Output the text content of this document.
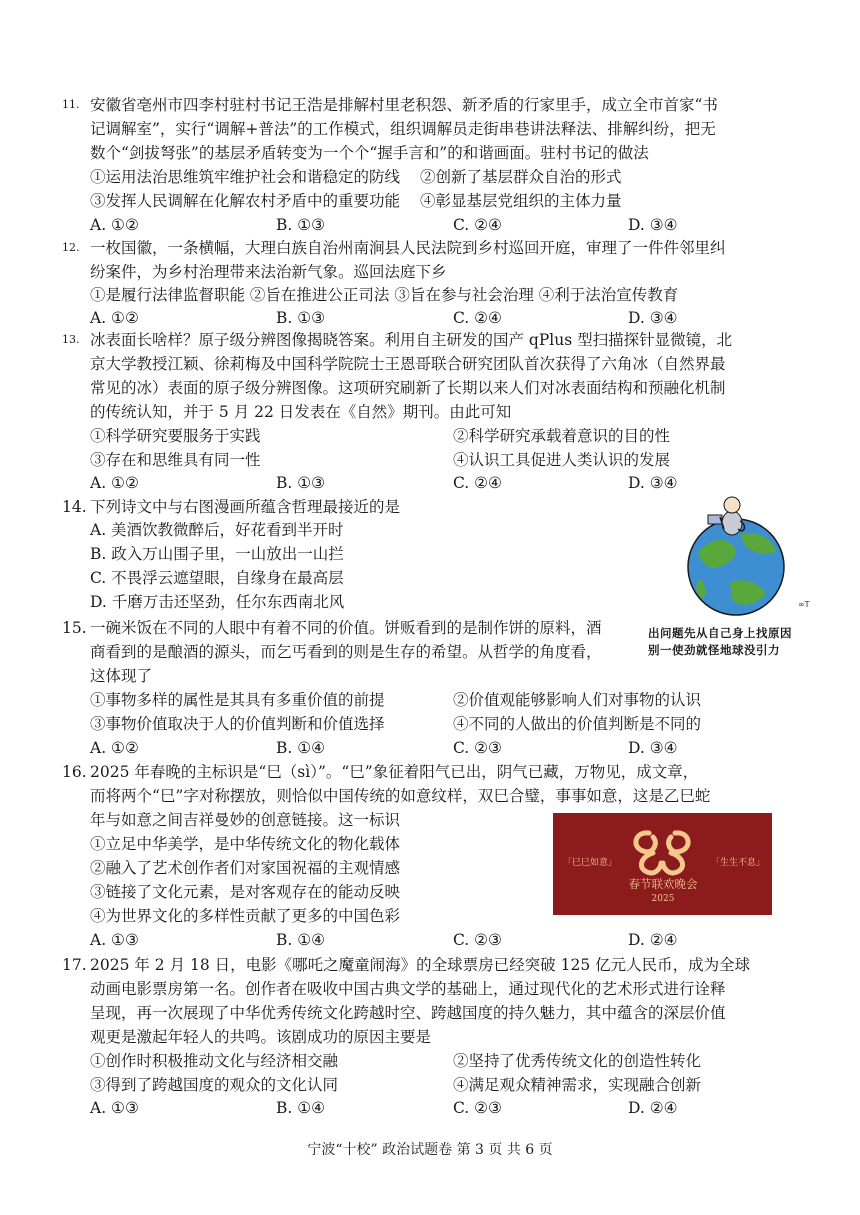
11. 安徽省亳州市四李村驻村书记王浩是排解村里老积怨、新矛盾的行家里手，成立全市首家“书
记调解室”，实行“调解+普法”的工作模式，组织调解员走街串巷讲法释法、排解纠纷，把无
数个“剑拔弩张”的基层矛盾转变为一个个“握手言和”的和谐画面。驻村书记的做法
①运用法治思维筑牢维护社会和谐稳定的防线 ②创新了基层群众自治的形式
③发挥人民调解在化解农村矛盾中的重要功能 ④彰显基层党组织的主体力量
A. ①②	B. ①③	C. ②④	D. ③④
12. 一枚国徽，一条横幅，大理白族自治州南涧县人民法院到乡村巡回开庭，审理了一件件邻里纠
纷案件，为乡村治理带来法治新气象。巡回法庭下乡
①是履行法律监督职能 ②旨在推进公正司法 ③旨在参与社会治理 ④利于法治宣传教育
A. ①②	B. ①③	C. ②④	D. ③④
13. 冰表面长啥样？原子级分辨图像揭晓答案。利用自主研发的国产 qPlus 型扫描探针显微镜，北
京大学教授江颖、徐莉梅及中国科学院院士王恩哥联合研究团队首次获得了六角冰（自然界最
常见的冰）表面的原子级分辨图像。这项研究刷新了长期以来人们对冰表面结构和预融化机制
的传统认知，并于 5 月 22 日发表在《自然》期刊。由此可知
①科学研究要服务于实践	②科学研究承载着意识的目的性
③存在和思维具有同一性	④认识工具促进人类认识的发展
A. ①②	B. ①③	C. ②④	D. ③④
14. 下列诗文中与右图漫画所蕴含哲理最接近的是
A. 美酒饮教微醉后，好花看到半开时
B. 政入万山围子里，一山放出一山拦
C. 不畏浮云遮望眼，自缘身在最高层
D. 千磨万击还坚劲，任尔东西南北风	∞T
出问题先从自己身上找原因
别一使劲就怪地球没引力
15. 一碗米饭在不同的人眼中有着不同的价值。饼贩看到的是制作饼的原料，酒
商看到的是酿酒的源头，而乞丐看到的则是生存的希望。从哲学的角度看，
这体现了
①事物多样的属性是其具有多重价值的前提	②价值观能够影响人们对事物的认识
③事物价值取决于人的价值判断和价值选择	④不同的人做出的价值判断是不同的
A. ①②	B. ①④	C. ②③	D. ③④
16. 2025 年春晚的主标识是“巳（sì）”。“巳”象征着阳气已出，阴气已藏，万物见，成文章，
而将两个“巳”字对称摆放，则恰似中国传统的如意纹样，双巳合璧，事事如意，这是乙巳蛇
年与如意之间吉祥曼妙的创意链接。这一标识
①立足中华美学，是中华传统文化的物化载体
②融入了艺术创作者们对家国祝福的主观情感
③链接了文化元素，是对客观存在的能动反映
④为世界文化的多样性贡献了更多的中国色彩
A. ①③	B. ①④	C. ②③	D. ②④
「巳巳如意」	「生生不息」
春节联欢晚会
2025
17. 2025 年 2 月 18 日，电影《哪吒之魔童闹海》的全球票房已经突破 125 亿元人民币，成为全球
动画电影票房第一名。创作者在吸收中国古典文学的基础上，通过现代化的艺术形式进行诠释
呈现，再一次展现了中华优秀传统文化跨越时空、跨越国度的持久魅力，其中蕴含的深层价值
观更是激起年轻人的共鸣。该剧成功的原因主要是
①创作时积极推动文化与经济相交融	②坚持了优秀传统文化的创造性转化
③得到了跨越国度的观众的文化认同	④满足观众精神需求，实现融合创新
A. ①③	B. ①④	C. ②③	D. ②④
宁波“十校” 政治试题卷 第 3 页 共 6 页
